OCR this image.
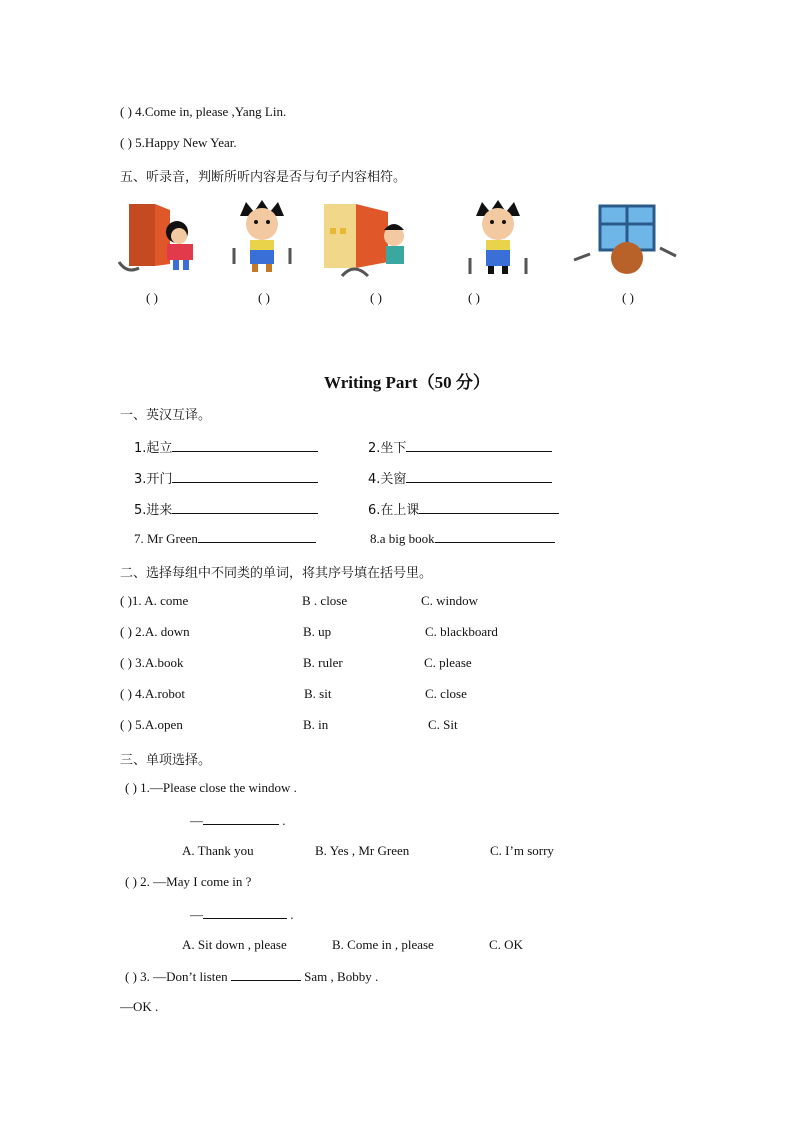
( ) 4.Come in, please ,Yang Lin.
( ) 5.Happy New Year.
五、听录音，判断所听内容是否与句子内容相符。
( )	( )	( )	( )	( )
Writing Part（50 分）
一、英汉互译。
1.起立	2.坐下
3.开门	4.关窗
5.进来	6.在上课
7. Mr Green	8.a big book
二、选择每组中不同类的单词，将其序号填在括号里。
( )1. A. come	B . close	C. window
( ) 2.A. down	B. up	C. blackboard
( ) 3.A.book	B. ruler	C. please
( ) 4.A.robot	B. sit	C. close
( ) 5.A.open	B. in	C. Sit
三、单项选择。
( ) 1.—Please close the window .
—	.
A. Thank you	B. Yes , Mr Green	C. I’m sorry
( ) 2. —May I come in ?
—	.
A. Sit down , please	B. Come in , please	C. OK
( ) 3. —Don’t listen	Sam , Bobby .
—OK .
